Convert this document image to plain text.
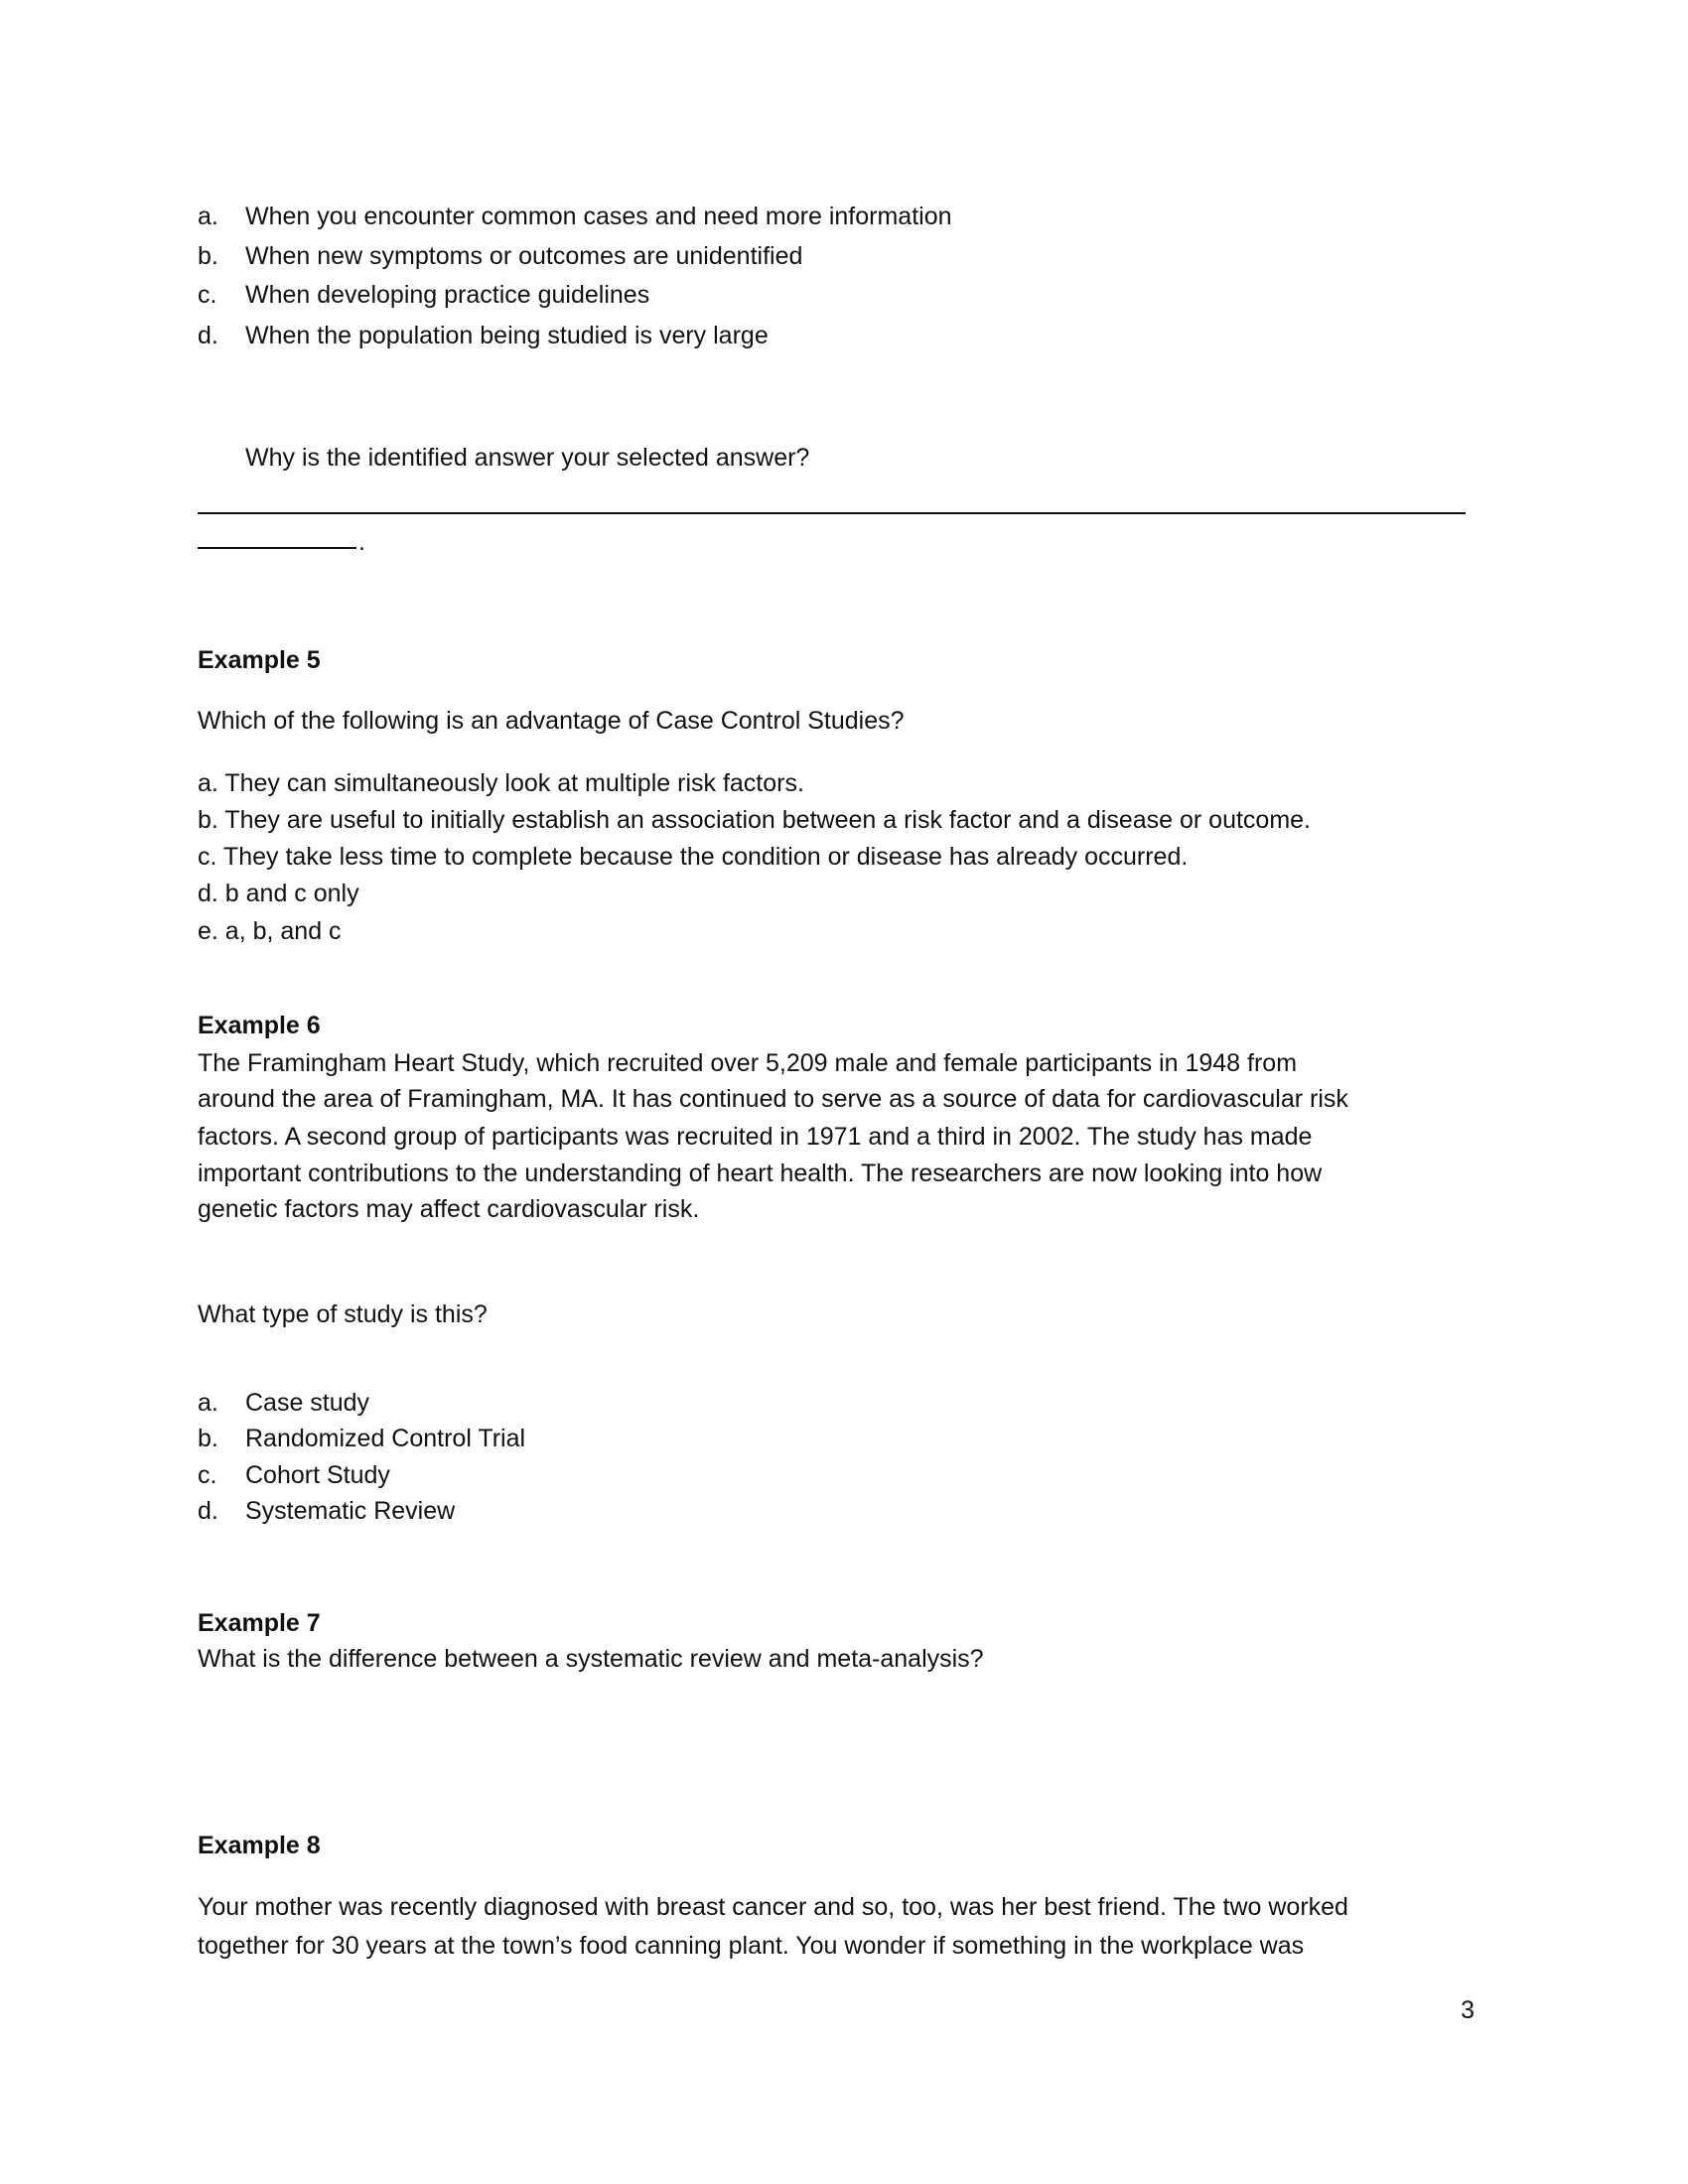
a. When you encounter common cases and need more information
b. When new symptoms or outcomes are unidentified
c. When developing practice guidelines
d. When the population being studied is very large
Why is the identified answer your selected answer?
.
Example 5
Which of the following is an advantage of Case Control Studies?
a. They can simultaneously look at multiple risk factors.
b. They are useful to initially establish an association between a risk factor and a disease or outcome.
c. They take less time to complete because the condition or disease has already occurred.
d. b and c only
e. a, b, and c
Example 6
The Framingham Heart Study, which recruited over 5,209 male and female participants in 1948 from
around the area of Framingham, MA. It has continued to serve as a source of data for cardiovascular risk
factors. A second group of participants was recruited in 1971 and a third in 2002. The study has made
important contributions to the understanding of heart health. The researchers are now looking into how
genetic factors may affect cardiovascular risk.
What type of study is this?
a. Case study
b. Randomized Control Trial
c. Cohort Study
d. Systematic Review
Example 7
What is the difference between a systematic review and meta-analysis?
Example 8
Your mother was recently diagnosed with breast cancer and so, too, was her best friend. The two worked
together for 30 years at the town’s food canning plant. You wonder if something in the workplace was
3
